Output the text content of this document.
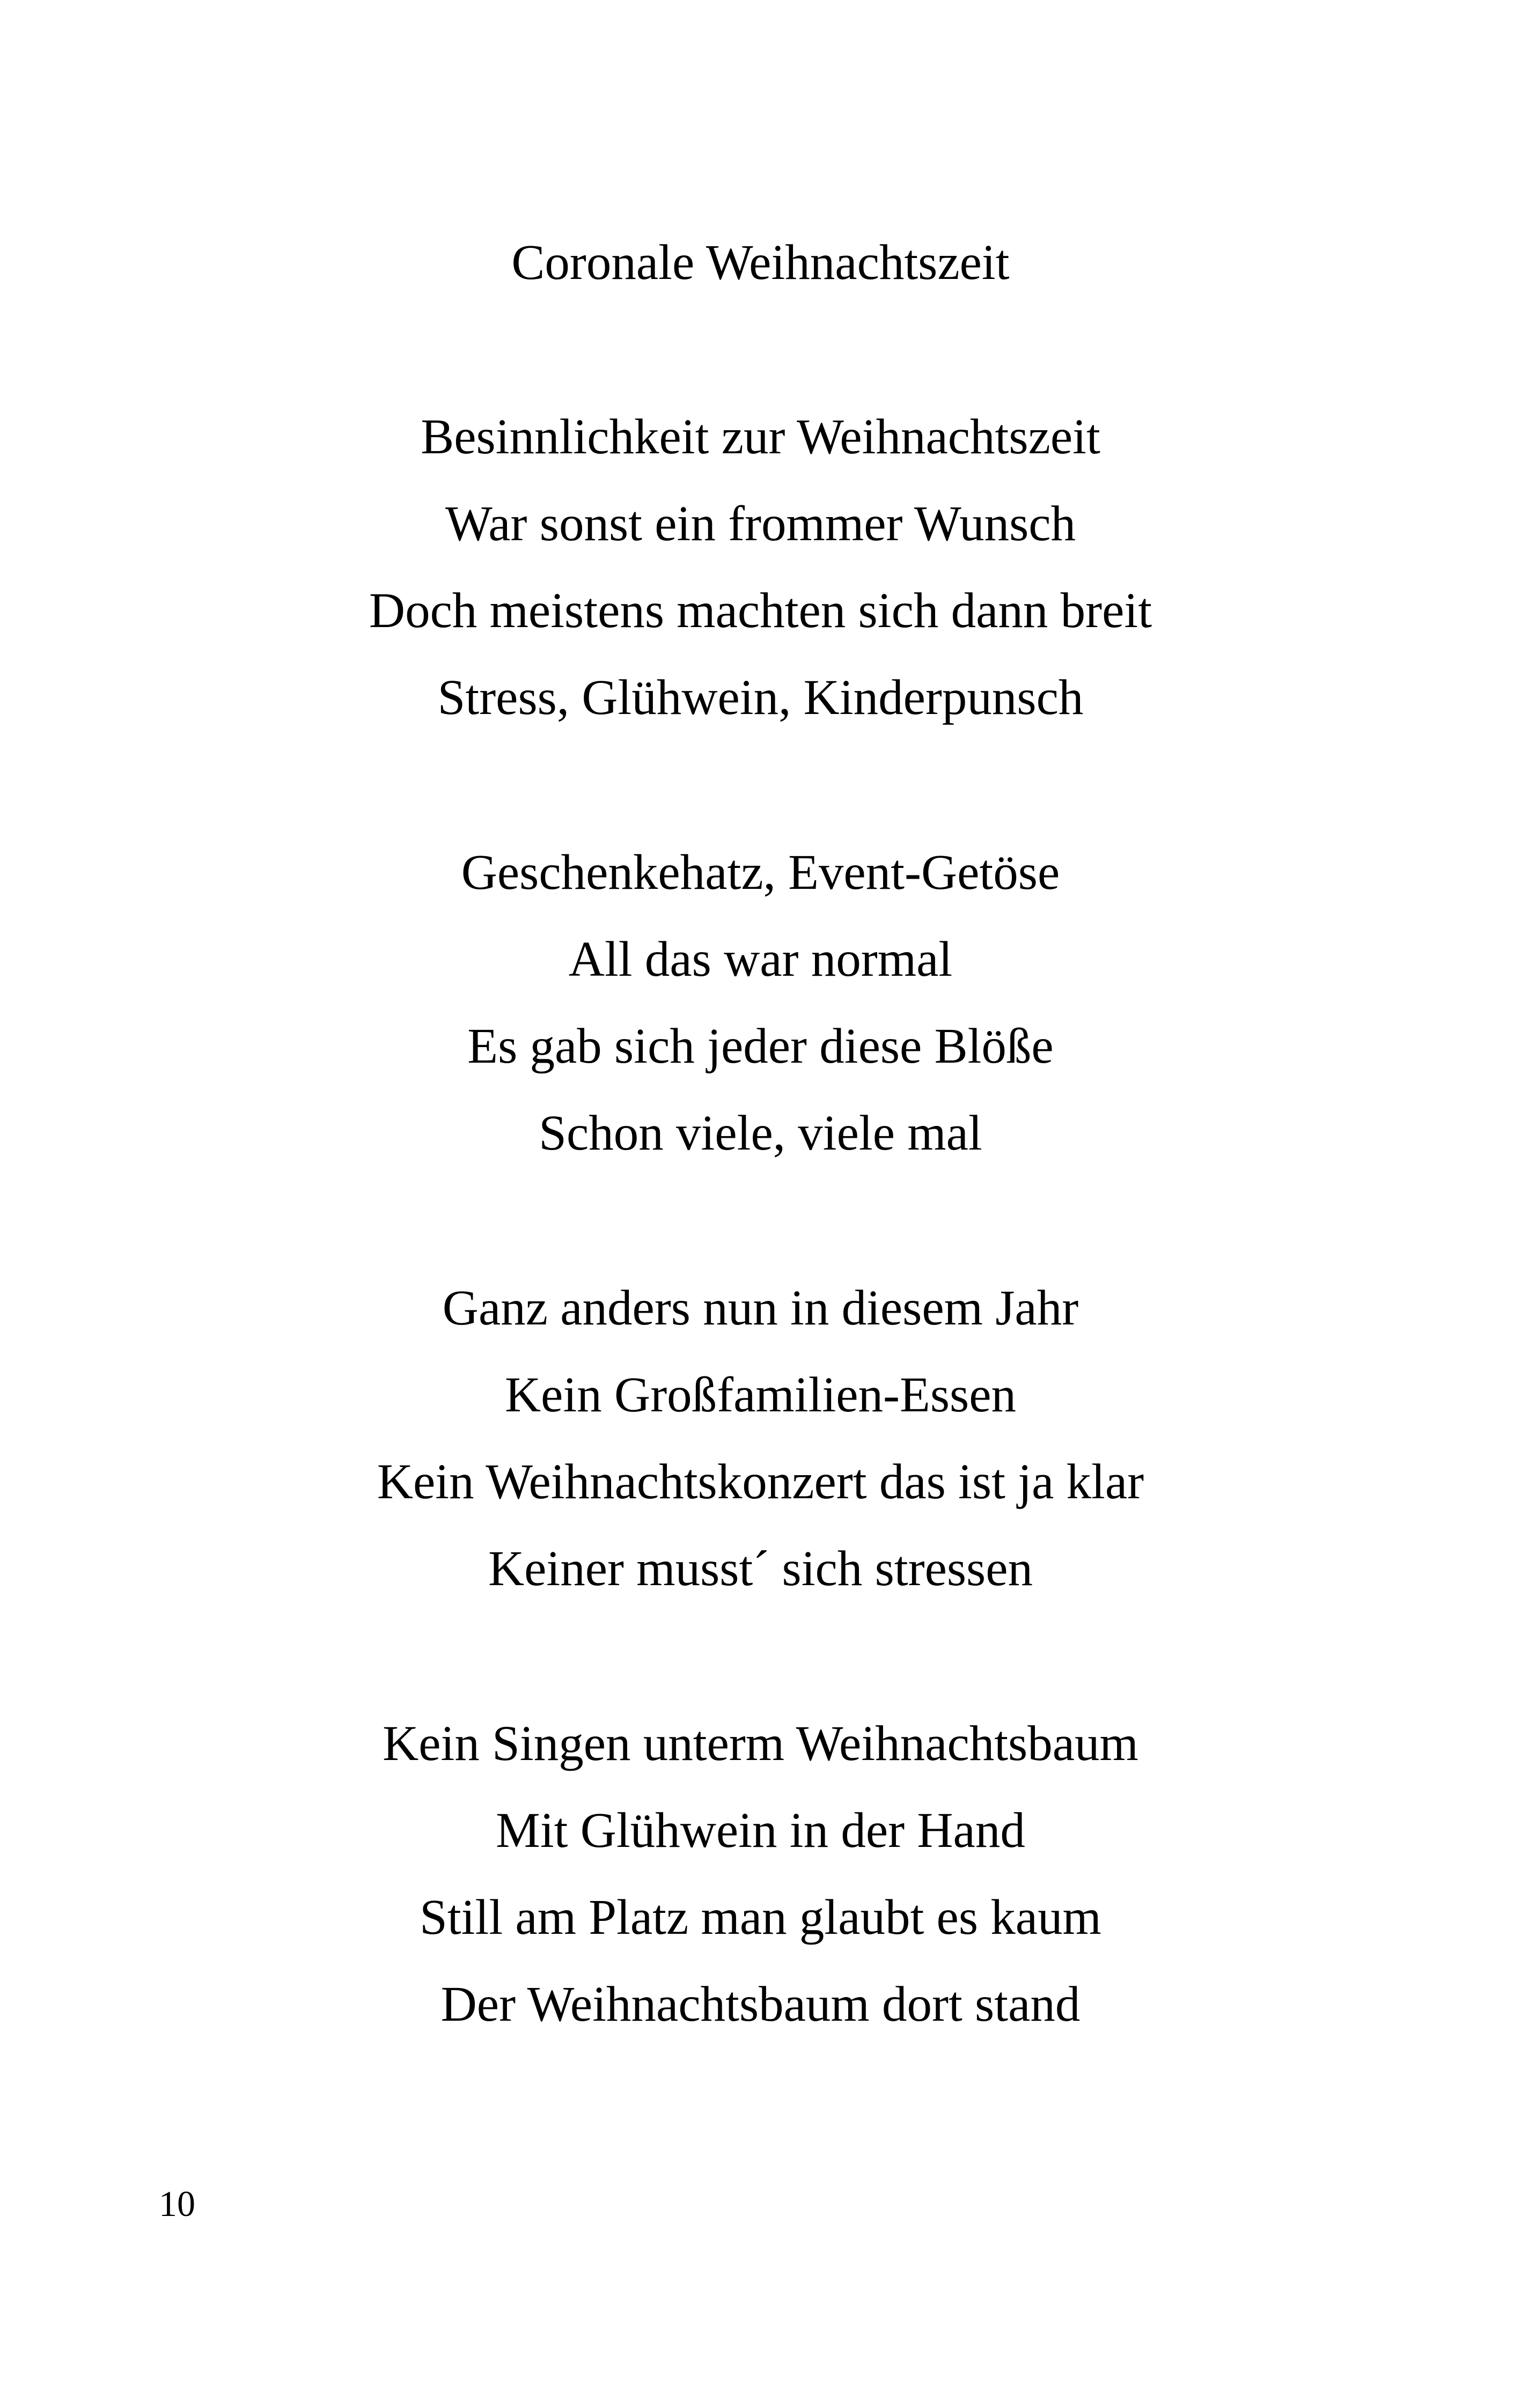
Coronale Weihnachtszeit
Besinnlichkeit zur Weihnachtszeit
War sonst ein frommer Wunsch
Doch meistens machten sich dann breit
Stress, Glühwein, Kinderpunsch
Geschenkehatz, Event-Getöse
All das war normal
Es gab sich jeder diese Blöße
Schon viele, viele mal
Ganz anders nun in diesem Jahr
Kein Großfamilien-Essen
Kein Weihnachtskonzert das ist ja klar
Keiner musst´ sich stressen
Kein Singen unterm Weihnachtsbaum
Mit Glühwein in der Hand
Still am Platz man glaubt es kaum
Der Weihnachtsbaum dort stand
10
